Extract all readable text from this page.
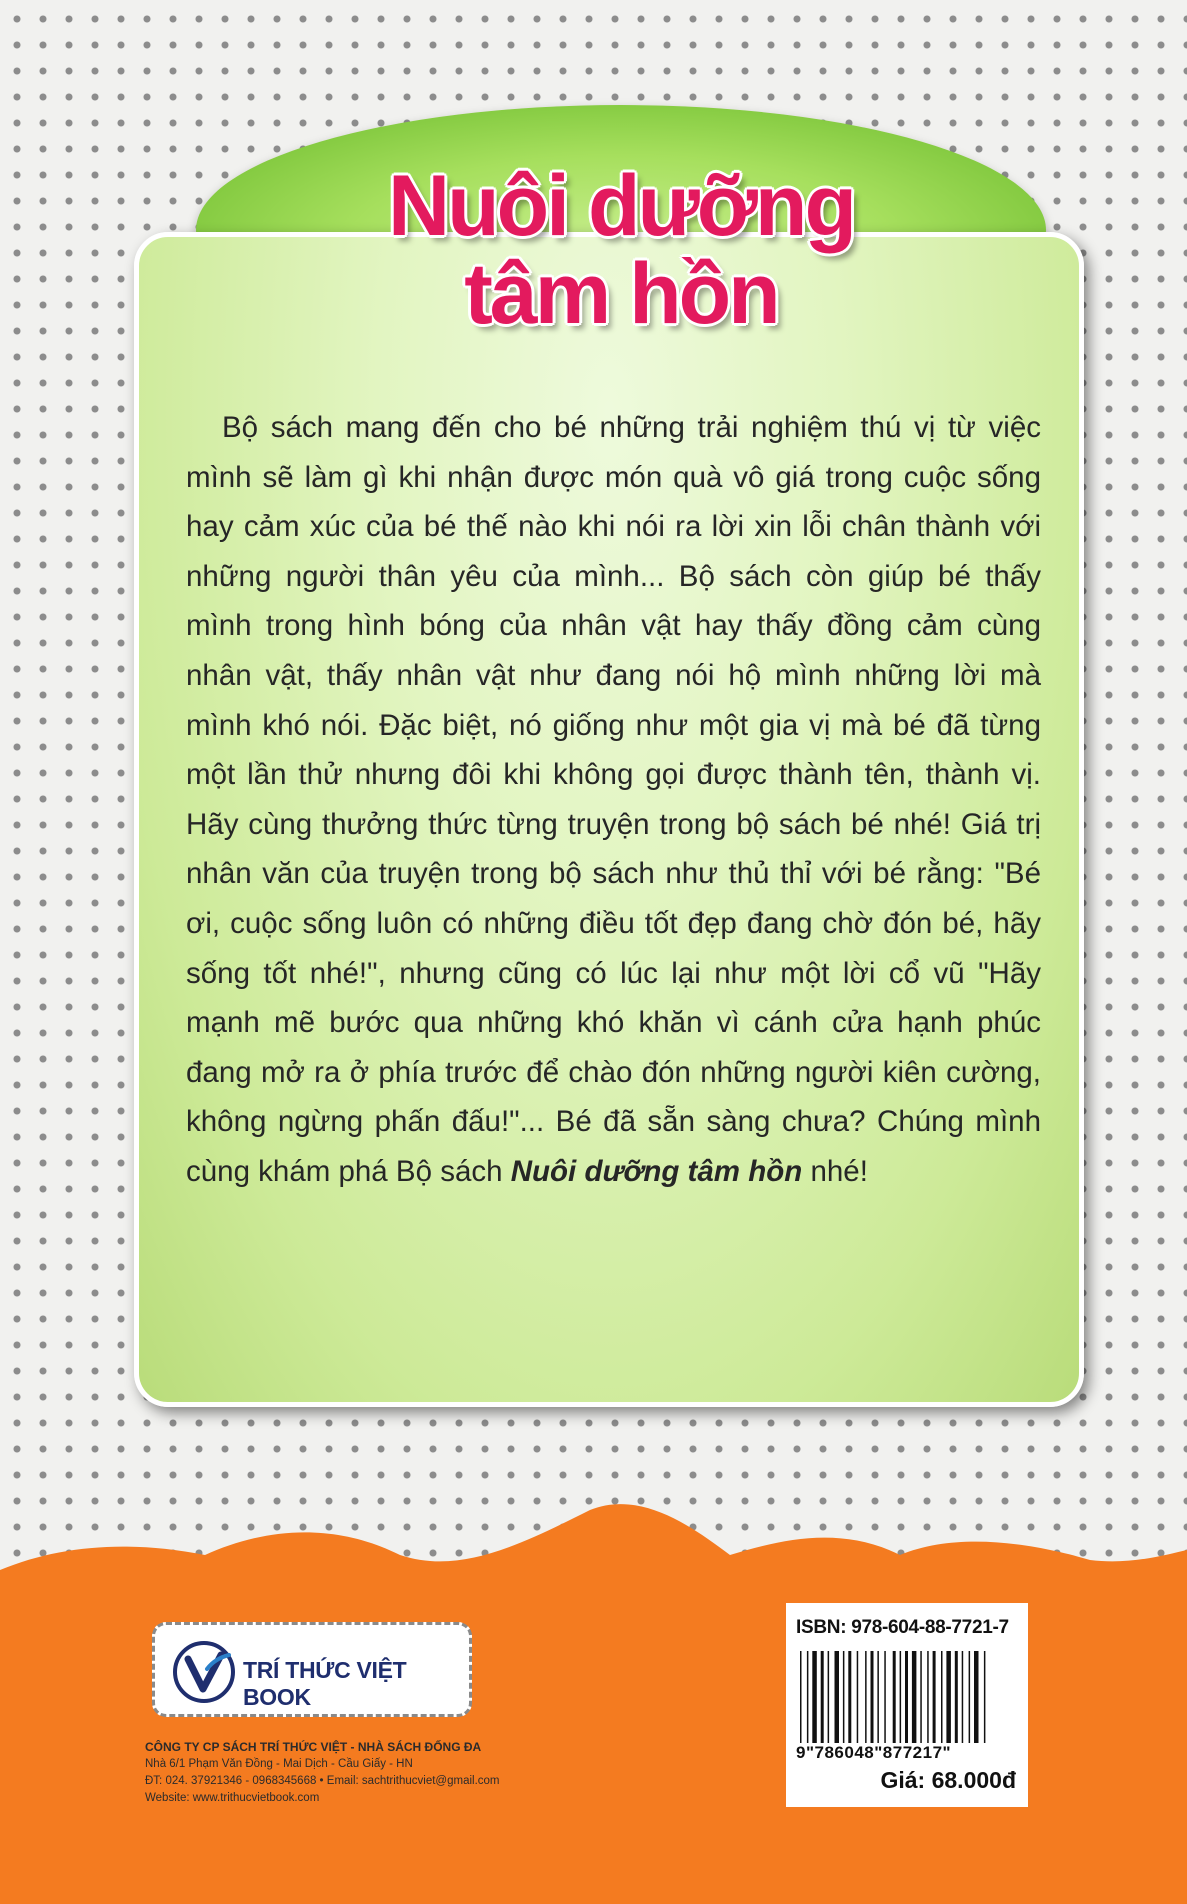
Nuôi dưỡng
tâm hồn
Bộ sách mang đến cho bé những trải nghiệm thú vị từ việc mình sẽ làm gì khi nhận được món quà vô giá trong cuộc sống hay cảm xúc của bé thế nào khi nói ra lời xin lỗi chân thành với những người thân yêu của mình... Bộ sách còn giúp bé thấy mình trong hình bóng của nhân vật hay thấy đồng cảm cùng nhân vật, thấy nhân vật như đang nói hộ mình những lời mà mình khó nói. Đặc biệt, nó giống như một gia vị mà bé đã từng một lần thử nhưng đôi khi không gọi được thành tên, thành vị. Hãy cùng thưởng thức từng truyện trong bộ sách bé nhé! Giá trị nhân văn của truyện trong bộ sách như thủ thỉ với bé rằng: "Bé ơi, cuộc sống luôn có những điều tốt đẹp đang chờ đón bé, hãy sống tốt nhé!", nhưng cũng có lúc lại như một lời cổ vũ "Hãy mạnh mẽ bước qua những khó khăn vì cánh cửa hạnh phúc đang mở ra ở phía trước để chào đón những người kiên cường, không ngừng phấn đấu!"... Bé đã sẵn sàng chưa? Chúng mình cùng khám phá Bộ sách Nuôi dưỡng tâm hồn nhé!
TRÍ THỨC VIỆT BOOK
CÔNG TY CP SÁCH TRÍ THỨC VIỆT - NHÀ SÁCH ĐỐNG ĐA
Nhà 6/1 Phạm Văn Đồng - Mai Dịch - Cầu Giấy - HN
ĐT: 024. 37921346 - 0968345668 • Email: sachtrithucviet@gmail.com
Website: www.trithucvietbook.com
ISBN: 978-604-88-7721-7
9"786048"877217"
Giá: 68.000đ
